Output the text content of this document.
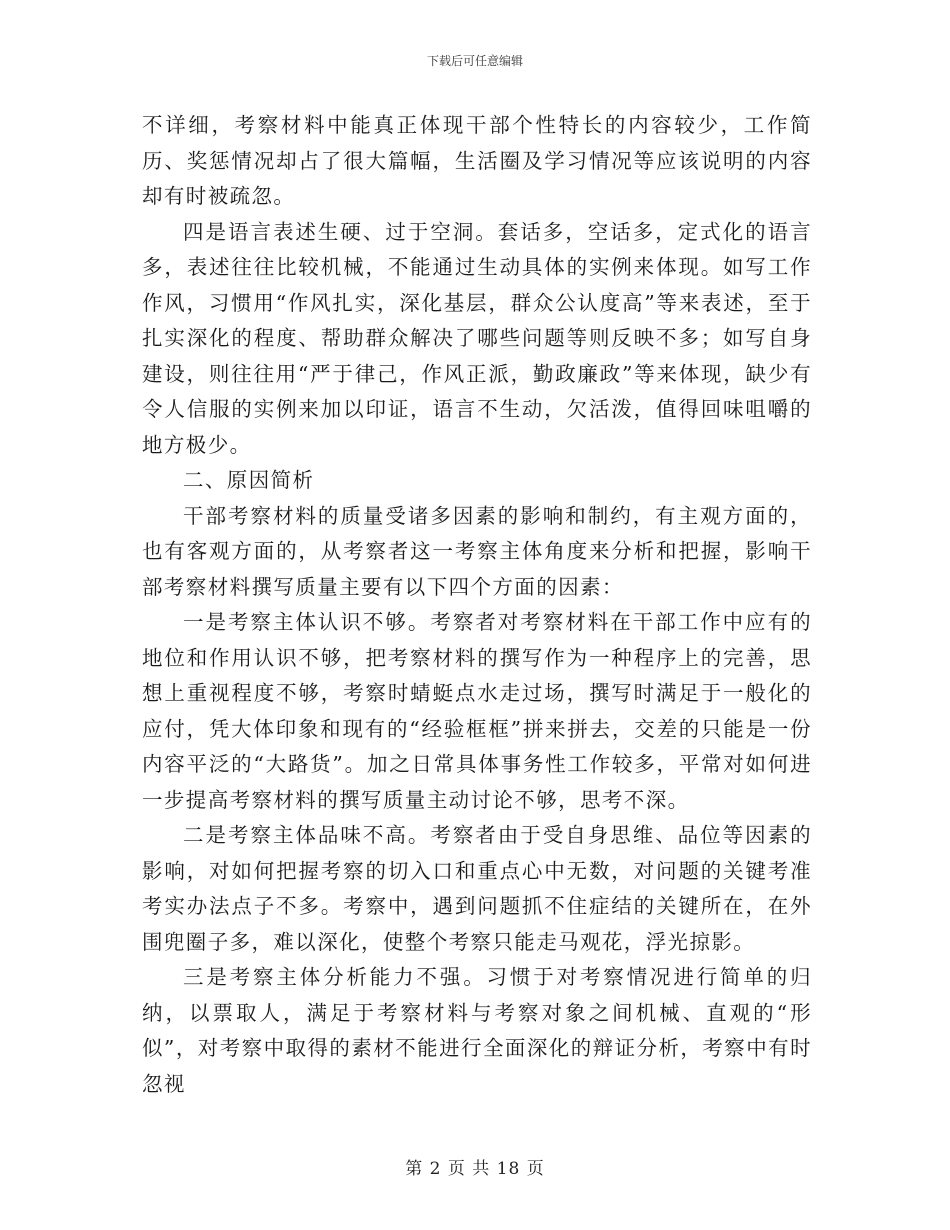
下载后可任意编辑

不详细，考察材料中能真正体现干部个性特长的内容较少，工作简历、奖惩情况却占了很大篇幅，生活圈及学习情况等应该说明的内容却有时被疏忽。

四是语言表述生硬、过于空洞。套话多，空话多，定式化的语言多，表述往往比较机械，不能通过生动具体的实例来体现。如写工作作风，习惯用“作风扎实，深化基层，群众公认度高”等来表述，至于扎实深化的程度、帮助群众解决了哪些问题等则反映不多；如写自身建设，则往往用“严于律己，作风正派，勤政廉政”等来体现，缺少有令人信服的实例来加以印证，语言不生动，欠活泼，值得回味咀嚼的地方极少。

二、原因简析

干部考察材料的质量受诸多因素的影响和制约，有主观方面的，也有客观方面的，从考察者这一考察主体角度来分析和把握，影响干部考察材料撰写质量主要有以下四个方面的因素：

一是考察主体认识不够。考察者对考察材料在干部工作中应有的地位和作用认识不够，把考察材料的撰写作为一种程序上的完善，思想上重视程度不够，考察时蜻蜓点水走过场，撰写时满足于一般化的应付，凭大体印象和现有的“经验框框”拼来拼去，交差的只能是一份内容平泛的“大路货”。加之日常具体事务性工作较多，平常对如何进一步提高考察材料的撰写质量主动讨论不够，思考不深。

二是考察主体品味不高。考察者由于受自身思维、品位等因素的影响，对如何把握考察的切入口和重点心中无数，对问题的关键考准考实办法点子不多。考察中，遇到问题抓不住症结的关键所在，在外围兜圈子多，难以深化，使整个考察只能走马观花，浮光掠影。

三是考察主体分析能力不强。习惯于对考察情况进行简单的归纳，以票取人，满足于考察材料与考察对象之间机械、直观的“形似”，对考察中取得的素材不能进行全面深化的辩证分析，考察中有时忽视

第 2 页 共 18 页
